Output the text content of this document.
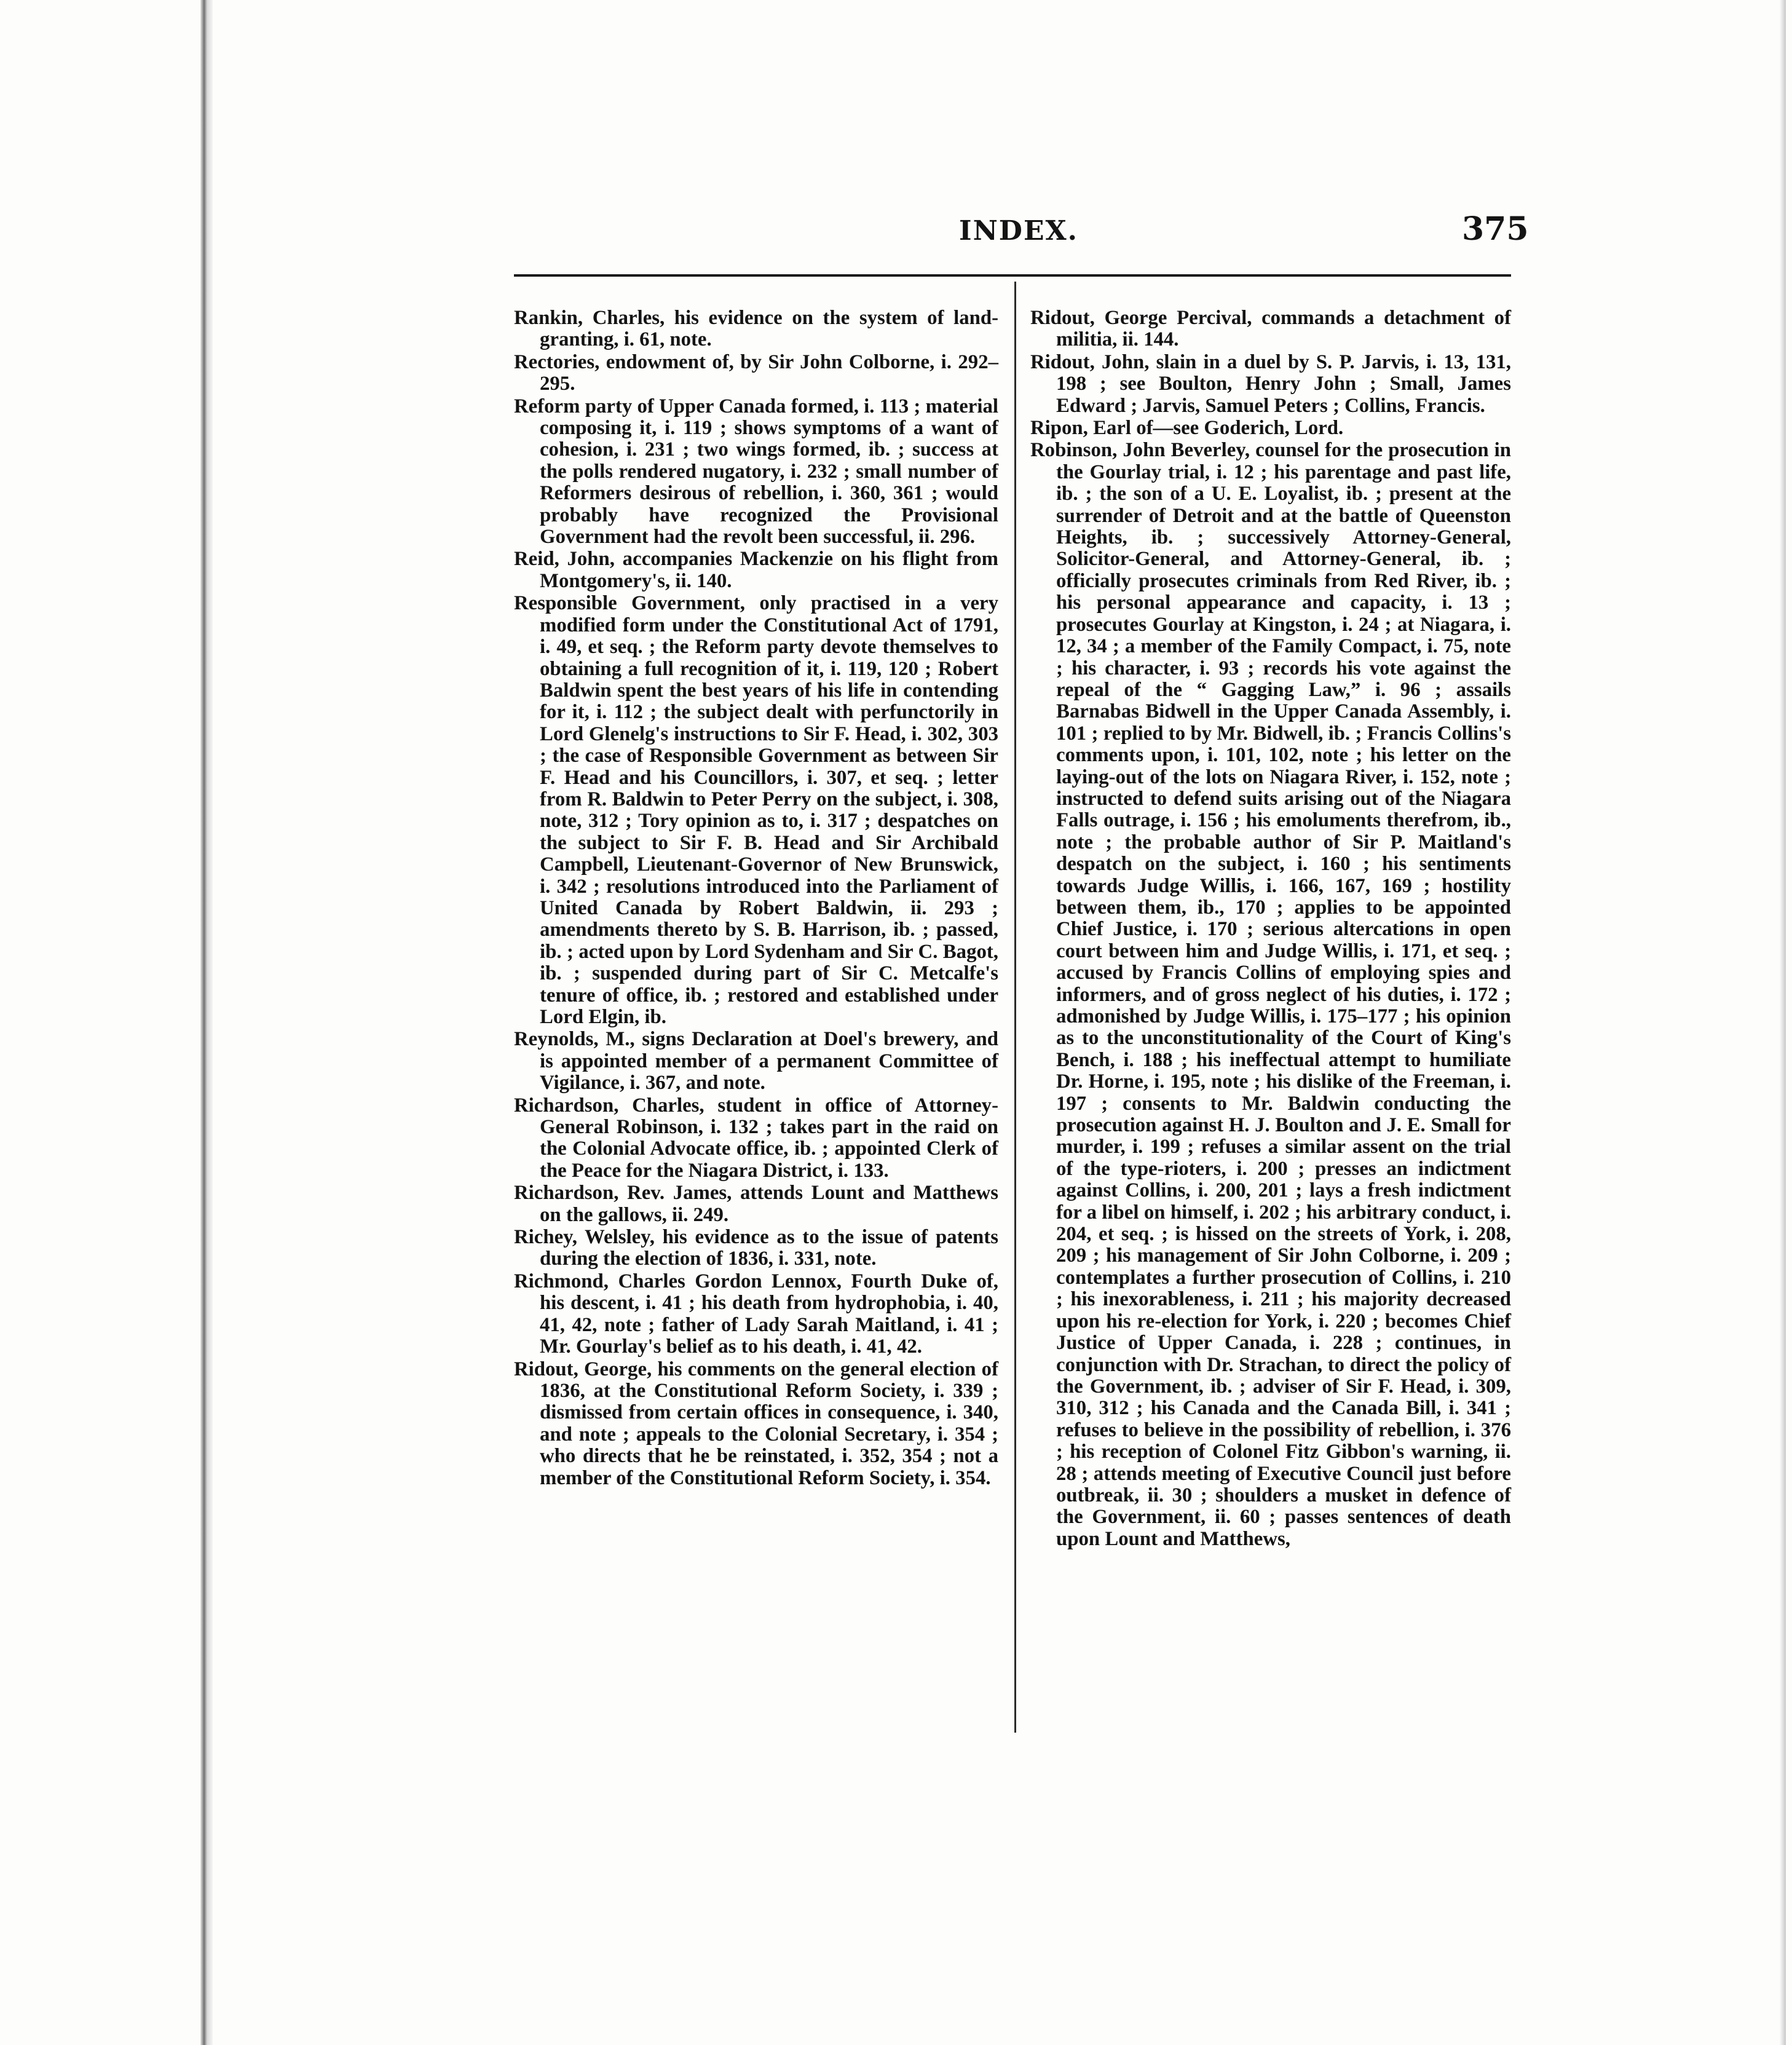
INDEX.	375

Rankin, Charles, his evidence on the system of land-granting, i. 61, note.

Rectories, endowment of, by Sir John Colborne, i. 292–295.

Reform party of Upper Canada formed, i. 113 ; material composing it, i. 119 ; shows symptoms of a want of cohesion, i. 231 ; two wings formed, ib. ; success at the polls rendered nugatory, i. 232 ; small number of Reformers desirous of rebellion, i. 360, 361 ; would probably have recognized the Provisional Government had the revolt been successful, ii. 296.

Reid, John, accompanies Mackenzie on his flight from Montgomery's, ii. 140.

Responsible Government, only practised in a very modified form under the Constitutional Act of 1791, i. 49, et seq. ; the Reform party devote themselves to obtaining a full recognition of it, i. 119, 120 ; Robert Baldwin spent the best years of his life in contending for it, i. 112 ; the subject dealt with perfunctorily in Lord Glenelg's instructions to Sir F. Head, i. 302, 303 ; the case of Responsible Government as between Sir F. Head and his Councillors, i. 307, et seq. ; letter from R. Baldwin to Peter Perry on the subject, i. 308, note, 312 ; Tory opinion as to, i. 317 ; despatches on the subject to Sir F. B. Head and Sir Archibald Campbell, Lieutenant-Governor of New Brunswick, i. 342 ; resolutions introduced into the Parliament of United Canada by Robert Baldwin, ii. 293 ; amendments thereto by S. B. Harrison, ib. ; passed, ib. ; acted upon by Lord Sydenham and Sir C. Bagot, ib. ; suspended during part of Sir C. Metcalfe's tenure of office, ib. ; restored and established under Lord Elgin, ib.

Reynolds, M., signs Declaration at Doel's brewery, and is appointed member of a permanent Committee of Vigilance, i. 367, and note.

Richardson, Charles, student in office of Attorney-General Robinson, i. 132 ; takes part in the raid on the Colonial Advocate office, ib. ; appointed Clerk of the Peace for the Niagara District, i. 133.

Richardson, Rev. James, attends Lount and Matthews on the gallows, ii. 249.

Richey, Welsley, his evidence as to the issue of patents during the election of 1836, i. 331, note.

Richmond, Charles Gordon Lennox, Fourth Duke of, his descent, i. 41 ; his death from hydrophobia, i. 40, 41, 42, note ; father of Lady Sarah Maitland, i. 41 ; Mr. Gourlay's belief as to his death, i. 41, 42.

Ridout, George, his comments on the general election of 1836, at the Constitutional Reform Society, i. 339 ; dismissed from certain offices in consequence, i. 340, and note ; appeals to the Colonial Secretary, i. 354 ; who directs that he be reinstated, i. 352, 354 ; not a member of the Constitutional Reform Society, i. 354.

Ridout, George Percival, commands a detachment of militia, ii. 144.

Ridout, John, slain in a duel by S. P. Jarvis, i. 13, 131, 198 ; see Boulton, Henry John ; Small, James Edward ; Jarvis, Samuel Peters ; Collins, Francis.

Ripon, Earl of—see Goderich, Lord.

Robinson, John Beverley, counsel for the prosecution in the Gourlay trial, i. 12 ; his parentage and past life, ib. ; the son of a U. E. Loyalist, ib. ; present at the surrender of Detroit and at the battle of Queenston Heights, ib. ; successively Attorney-General, Solicitor-General, and Attorney-General, ib. ; officially prosecutes criminals from Red River, ib. ; his personal appearance and capacity, i. 13 ; prosecutes Gourlay at Kingston, i. 24 ; at Niagara, i. 12, 34 ; a member of the Family Compact, i. 75, note ; his character, i. 93 ; records his vote against the repeal of the “ Gagging Law,” i. 96 ; assails Barnabas Bidwell in the Upper Canada Assembly, i. 101 ; replied to by Mr. Bidwell, ib. ; Francis Collins's comments upon, i. 101, 102, note ; his letter on the laying-out of the lots on Niagara River, i. 152, note ; instructed to defend suits arising out of the Niagara Falls outrage, i. 156 ; his emoluments therefrom, ib., note ; the probable author of Sir P. Maitland's despatch on the subject, i. 160 ; his sentiments towards Judge Willis, i. 166, 167, 169 ; hostility between them, ib., 170 ; applies to be appointed Chief Justice, i. 170 ; serious altercations in open court between him and Judge Willis, i. 171, et seq. ; accused by Francis Collins of employing spies and informers, and of gross neglect of his duties, i. 172 ; admonished by Judge Willis, i. 175–177 ; his opinion as to the unconstitutionality of the Court of King's Bench, i. 188 ; his ineffectual attempt to humiliate Dr. Horne, i. 195, note ; his dislike of the Freeman, i. 197 ; consents to Mr. Baldwin conducting the prosecution against H. J. Boulton and J. E. Small for murder, i. 199 ; refuses a similar assent on the trial of the type-rioters, i. 200 ; presses an indictment against Collins, i. 200, 201 ; lays a fresh indictment for a libel on himself, i. 202 ; his arbitrary conduct, i. 204, et seq. ; is hissed on the streets of York, i. 208, 209 ; his management of Sir John Colborne, i. 209 ; contemplates a further prosecution of Collins, i. 210 ; his inexorableness, i. 211 ; his majority decreased upon his re-election for York, i. 220 ; becomes Chief Justice of Upper Canada, i. 228 ; continues, in conjunction with Dr. Strachan, to direct the policy of the Government, ib. ; adviser of Sir F. Head, i. 309, 310, 312 ; his Canada and the Canada Bill, i. 341 ; refuses to believe in the possibility of rebellion, i. 376 ; his reception of Colonel Fitz Gibbon's warning, ii. 28 ; attends meeting of Executive Council just before outbreak, ii. 30 ; shoulders a musket in defence of the Government, ii. 60 ; passes sentences of death upon Lount and Matthews,
